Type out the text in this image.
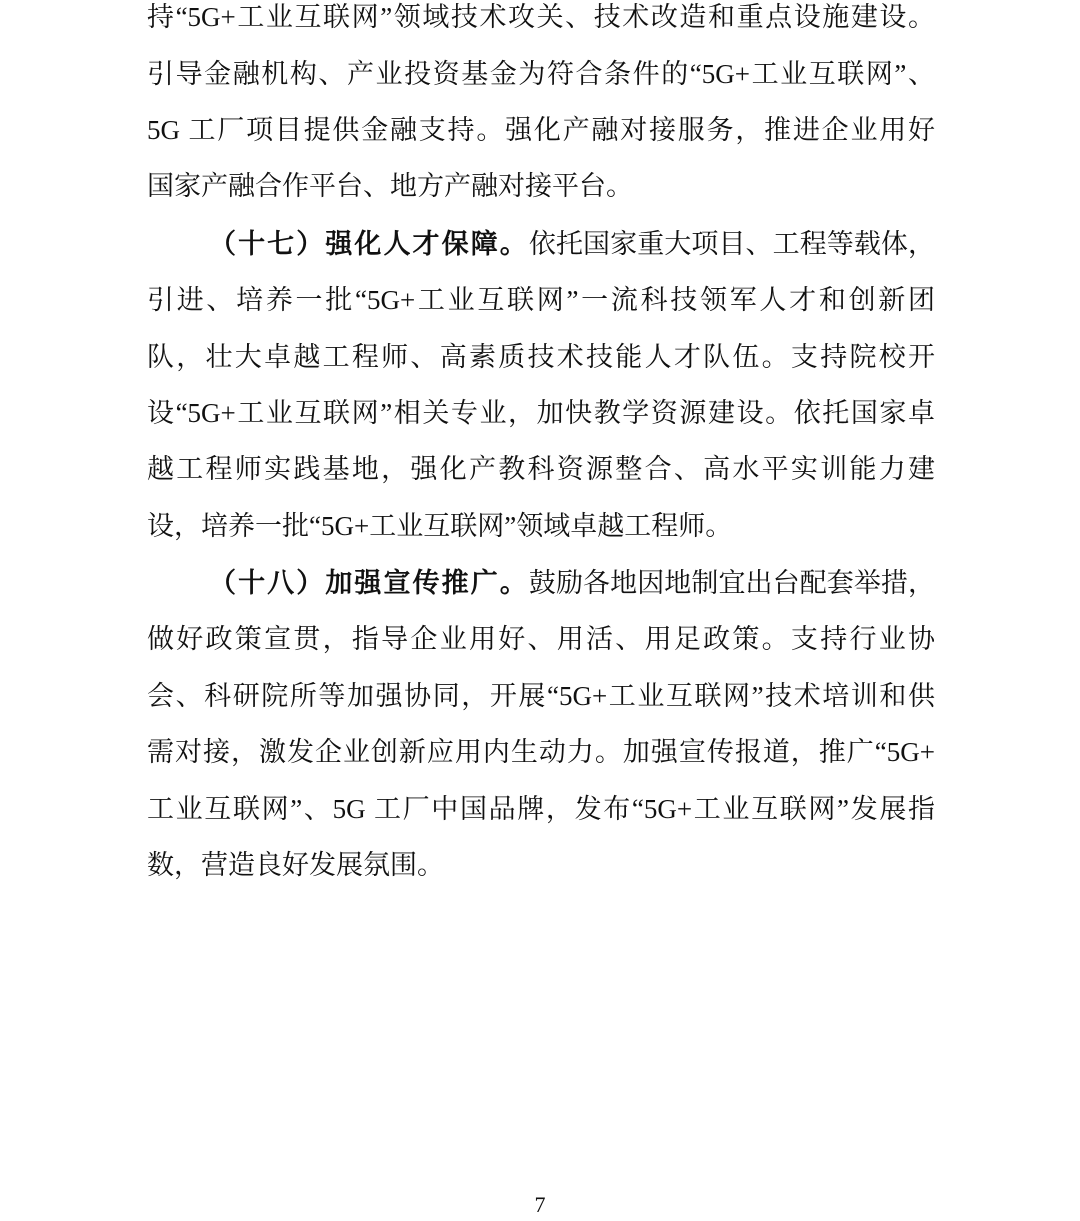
持“5G+工业互联网”领域技术攻关、技术改造和重点设施建设。
引导金融机构、产业投资基金为符合条件的“5G+工业互联网”、
5G 工厂项目提供金融支持。强化产融对接服务，推进企业用好
国家产融合作平台、地方产融对接平台。
（十七）强化人才保障。依托国家重大项目、工程等载体，
引进、培养一批“5G+工业互联网”一流科技领军人才和创新团
队，壮大卓越工程师、高素质技术技能人才队伍。支持院校开
设“5G+工业互联网”相关专业，加快教学资源建设。依托国家卓
越工程师实践基地，强化产教科资源整合、高水平实训能力建
设，培养一批“5G+工业互联网”领域卓越工程师。
（十八）加强宣传推广。鼓励各地因地制宜出台配套举措，
做好政策宣贯，指导企业用好、用活、用足政策。支持行业协
会、科研院所等加强协同，开展“5G+工业互联网”技术培训和供
需对接，激发企业创新应用内生动力。加强宣传报道，推广“5G+
工业互联网”、5G 工厂中国品牌，发布“5G+工业互联网”发展指
数，营造良好发展氛围。
7
